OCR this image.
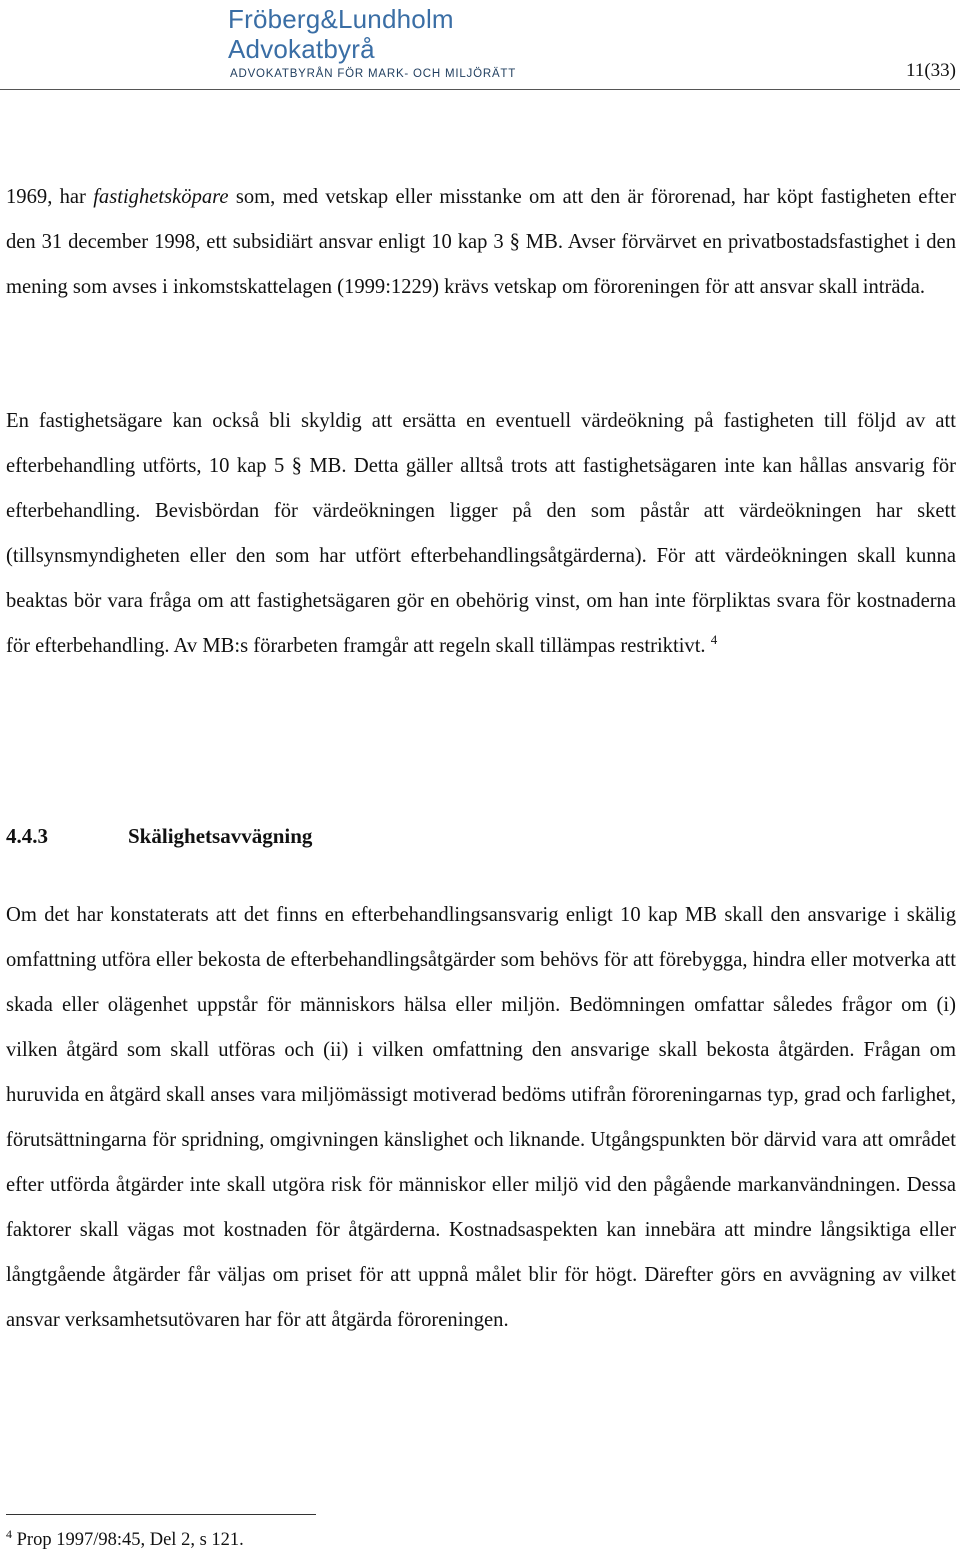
Fröberg&Lundholm Advokatbyrå
ADVOKATBYRÅN FÖR MARK- OCH MILJÖRÄTT	11(33)

1969, har fastighetsköpare som, med vetskap eller misstanke om att den är förorenad, har köpt fastigheten efter den 31 december 1998, ett subsidiärt ansvar enligt 10 kap 3 § MB. Avser förvärvet en privatbostadsfastighet i den mening som avses i inkomstskattelagen (1999:1229) krävs vetskap om föroreningen för att ansvar skall inträda.

En fastighetsägare kan också bli skyldig att ersätta en eventuell värdeökning på fastigheten till följd av att efterbehandling utförts, 10 kap 5 § MB. Detta gäller alltså trots att fastighetsägaren inte kan hållas ansvarig för efterbehandling. Bevisbördan för värdeökningen ligger på den som påstår att värdeökningen har skett (tillsynsmyndigheten eller den som har utfört efterbehandlingsåtgärderna). För att värdeökningen skall kunna beaktas bör vara fråga om att fastighetsägaren gör en obehörig vinst, om han inte förpliktas svara för kostnaderna för efterbehandling. Av MB:s förarbeten framgår att regeln skall tillämpas restriktivt. $^4$

4.4.3	Skälighetsavvägning

Om det har konstaterats att det finns en efterbehandlingsansvarig enligt 10 kap MB skall den ansvarige i skälig omfattning utföra eller bekosta de efterbehandlingsåtgärder som behövs för att förebygga, hindra eller motverka att skada eller olägenhet uppstår för människors hälsa eller miljön. Bedömningen omfattar således frågor om (i) vilken åtgärd som skall utföras och (ii) i vilken omfattning den ansvarige skall bekosta åtgärden. Frågan om huruvida en åtgärd skall anses vara miljömässigt motiverad bedöms utifrån föroreningarnas typ, grad och farlighet, förutsättningarna för spridning, omgivningen känslighet och liknande. Utgångspunkten bör därvid vara att området efter utförda åtgärder inte skall utgöra risk för människor eller miljö vid den pågående markanvändningen. Dessa faktorer skall vägas mot kostnaden för åtgärderna. Kostnadsaspekten kan innebära att mindre långsiktiga eller långtgående åtgärder får väljas om priset för att uppnå målet blir för högt. Därefter görs en avvägning av vilket ansvar verksamhetsutövaren har för att åtgärda föroreningen.

$^4$ Prop 1997/98:45, Del 2, s 121.
